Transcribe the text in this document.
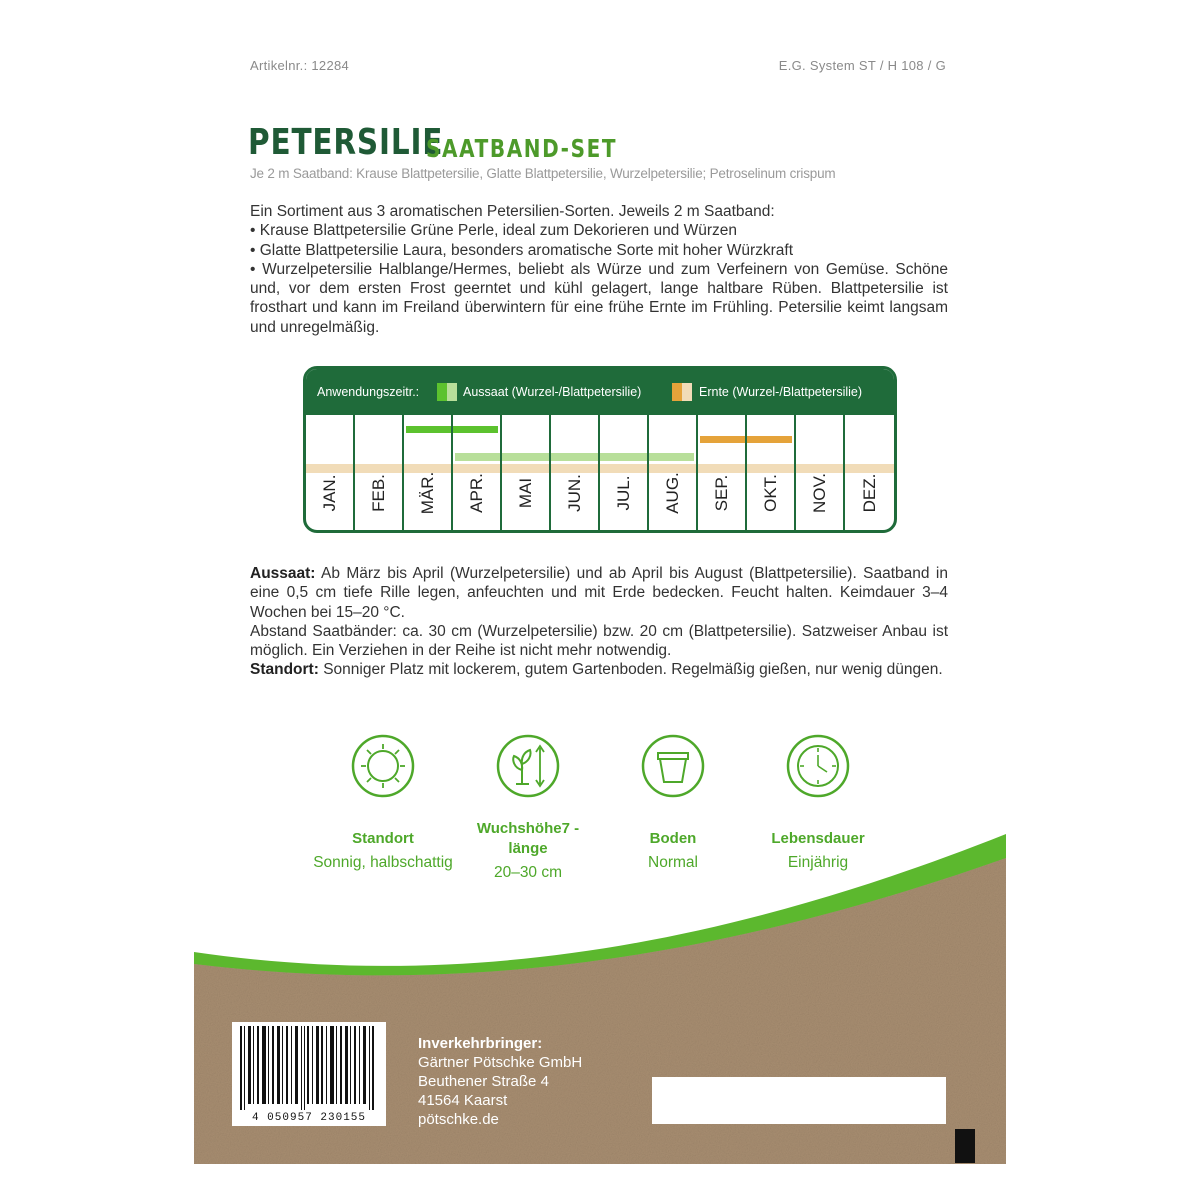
Artikelnr.: 12284	E.G. System ST / H 108 / G
PETERSILIE
SAATBAND-SET
Je 2 m Saatband: Krause Blattpetersilie, Glatte Blattpetersilie, Wurzelpetersilie; Petroselinum crispum

Ein Sortiment aus 3 aromatischen Petersilien-Sorten. Jeweils 2 m Saatband:

• Krause Blattpetersilie Grüne Perle, ideal zum Dekorieren und Würzen

• Glatte Blattpetersilie Laura, besonders aromatische Sorte mit hoher Würzkraft

• Wurzelpetersilie Halblange/Hermes, beliebt als Würze und zum Verfeinern von Gemüse. Schöne und, vor dem ersten Frost geerntet und kühl gelagert, lange haltbare Rüben. Blattpetersilie ist frosthart und kann im Freiland überwintern für eine frühe Ernte im Frühling. Petersilie keimt langsam und unregelmäßig.

Anwendungszeitr.:	Aussaat (Wurzel-/Blattpetersilie)	Ernte (Wurzel-/Blattpetersilie)
JAN. FEB. MÄR. APR. MAI JUN. JUL. AUG. SEP. OKT. NOV. DEZ.

Aussaat: Ab März bis April (Wurzelpetersilie) und ab April bis August (Blattpetersilie). Saatband in eine 0,5 cm tiefe Rille legen, anfeuchten und mit Erde bedecken. Feucht halten. Keimdauer 3–4 Wochen bei 15–20 °C.

Abstand Saatbänder: ca. 30 cm (Wurzelpetersilie) bzw. 20 cm (Blattpetersilie). Satzweiser Anbau ist möglich. Ein Verziehen in der Reihe ist nicht mehr notwendig.

Standort: Sonniger Platz mit lockerem, gutem Gartenboden. Regelmäßig gießen, nur wenig düngen.

Standort
Sonnig, halbschattig
Wuchshöhe7 -länge
20–30 cm
Boden
Normal
Lebensdauer
Einjährig
4 050957 230155
Inverkehrbringer:
Gärtner Pötschke GmbH
Beuthener Straße 4
41564 Kaarst
pötschke.de
